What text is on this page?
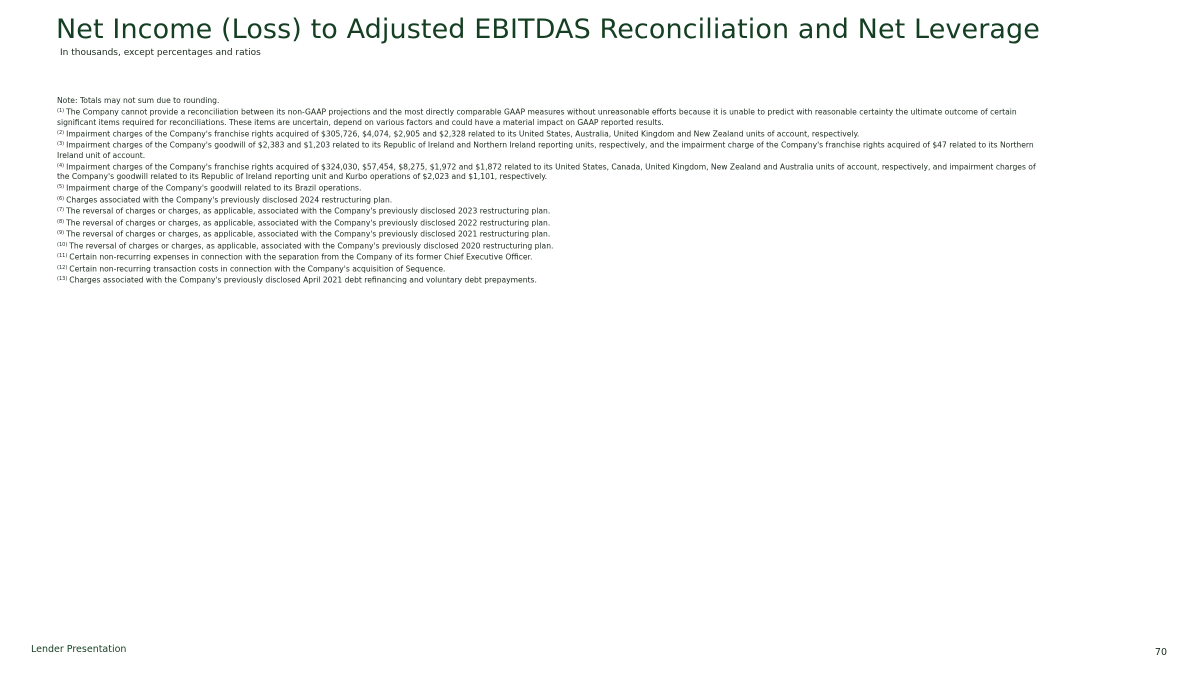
Net Income (Loss) to Adjusted EBITDAS Reconciliation and Net Leverage
In thousands, except percentages and ratios

Note: Totals may not sum due to rounding.

$^{(1)}$ The Company cannot provide a reconciliation between its non-GAAP projections and the most directly comparable GAAP measures without unreasonable efforts because it is unable to predict with reasonable certainty the ultimate outcome of certain significant items required for reconciliations. These items are uncertain, depend on various factors and could have a material impact on GAAP reported results.

$^{(2)}$ Impairment charges of the Company's franchise rights acquired of $305,726, $4,074, $2,905 and $2,328 related to its United States, Australia, United Kingdom and New Zealand units of account, respectively.

$^{(3)}$ Impairment charges of the Company's goodwill of $2,383 and $1,203 related to its Republic of Ireland and Northern Ireland reporting units, respectively, and the impairment charge of the Company's franchise rights acquired of $47 related to its Northern Ireland unit of account.

$^{(4)}$ Impairment charges of the Company's franchise rights acquired of $324,030, $57,454, $8,275, $1,972 and $1,872 related to its United States, Canada, United Kingdom, New Zealand and Australia units of account, respectively, and impairment charges of the Company's goodwill related to its Republic of Ireland reporting unit and Kurbo operations of $2,023 and $1,101, respectively.

$^{(5)}$ Impairment charge of the Company's goodwill related to its Brazil operations.

$^{(6)}$ Charges associated with the Company's previously disclosed 2024 restructuring plan.

$^{(7)}$ The reversal of charges or charges, as applicable, associated with the Company's previously disclosed 2023 restructuring plan.

$^{(8)}$ The reversal of charges or charges, as applicable, associated with the Company's previously disclosed 2022 restructuring plan.

$^{(9)}$ The reversal of charges or charges, as applicable, associated with the Company's previously disclosed 2021 restructuring plan.

$^{(10)}$ The reversal of charges or charges, as applicable, associated with the Company's previously disclosed 2020 restructuring plan.

$^{(11)}$ Certain non-recurring expenses in connection with the separation from the Company of its former Chief Executive Officer.

$^{(12)}$ Certain non-recurring transaction costs in connection with the Company's acquisition of Sequence.

$^{(13)}$ Charges associated with the Company's previously disclosed April 2021 debt refinancing and voluntary debt prepayments.

Lender Presentation	70
